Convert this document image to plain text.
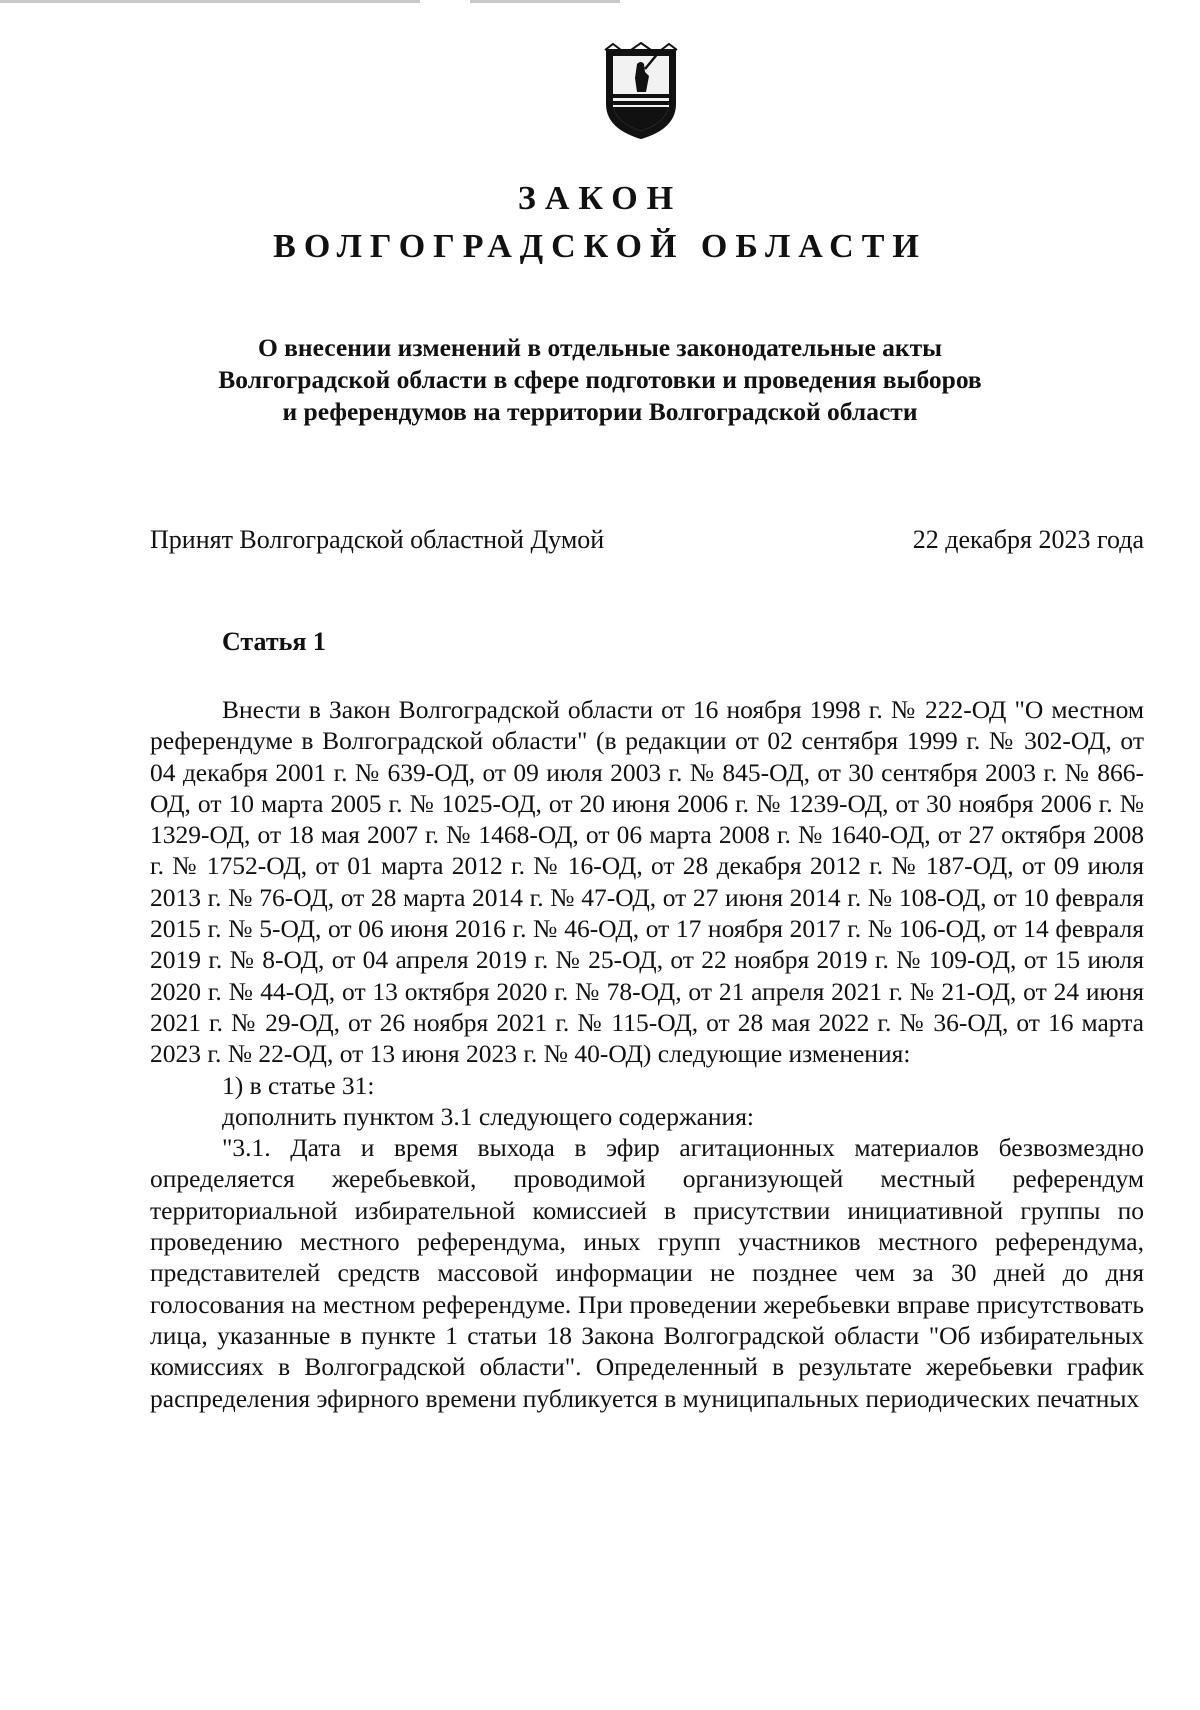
ЗАКОН
ВОЛГОГРАДСКОЙ ОБЛАСТИ
О внесении изменений в отдельные законодательные акты
Волгоградской области в сфере подготовки и проведения выборов
и референдумов на территории Волгоградской области
Принят Волгоградской областной Думой	22 декабря 2023 года
Статья 1

Внести в Закон Волгоградской области от 16 ноября 1998 г. № 222-ОД "О местном референдуме в Волгоградской области" (в редакции от 02 сентября 1999 г. № 302-ОД, от 04 декабря 2001 г. № 639-ОД, от 09 июля 2003 г. № 845-ОД, от 30 сентября 2003 г. № 866-ОД, от 10 марта 2005 г. № 1025-ОД, от 20 июня 2006 г. № 1239-ОД, от 30 ноября 2006 г. № 1329-ОД, от 18 мая 2007 г. № 1468-ОД, от 06 марта 2008 г. № 1640-ОД, от 27 октября 2008 г. № 1752-ОД, от 01 марта 2012 г. № 16-ОД, от 28 декабря 2012 г. № 187-ОД, от 09 июля 2013 г. № 76-ОД, от 28 марта 2014 г. № 47-ОД, от 27 июня 2014 г. № 108-ОД, от 10 февраля 2015 г. № 5-ОД, от 06 июня 2016 г. № 46-ОД, от 17 ноября 2017 г. № 106-ОД, от 14 февраля 2019 г. № 8-ОД, от 04 апреля 2019 г. № 25-ОД, от 22 ноября 2019 г. № 109-ОД, от 15 июля 2020 г. № 44-ОД, от 13 октября 2020 г. № 78-ОД, от 21 апреля 2021 г. № 21-ОД, от 24 июня 2021 г. № 29-ОД, от 26 ноября 2021 г. № 115-ОД, от 28 мая 2022 г. № 36-ОД, от 16 марта 2023 г. № 22-ОД, от 13 июня 2023 г. № 40-ОД) следующие изменения:

1) в статье 31:

дополнить пунктом 3.1 следующего содержания:

"3.1. Дата и время выхода в эфир агитационных материалов безвозмездно определяется жеребьевкой, проводимой организующей местный референдум территориальной избирательной комиссией в присутствии инициативной группы по проведению местного референдума, иных групп участников местного референдума, представителей средств массовой информации не позднее чем за 30 дней до дня голосования на местном референдуме. При проведении жеребьевки вправе присутствовать лица, указанные в пункте 1 статьи 18 Закона Волгоградской области "Об избирательных комиссиях в Волгоградской области". Определенный в результате жеребьевки график распределения эфирного времени публикуется в муниципальных периодических печатных
